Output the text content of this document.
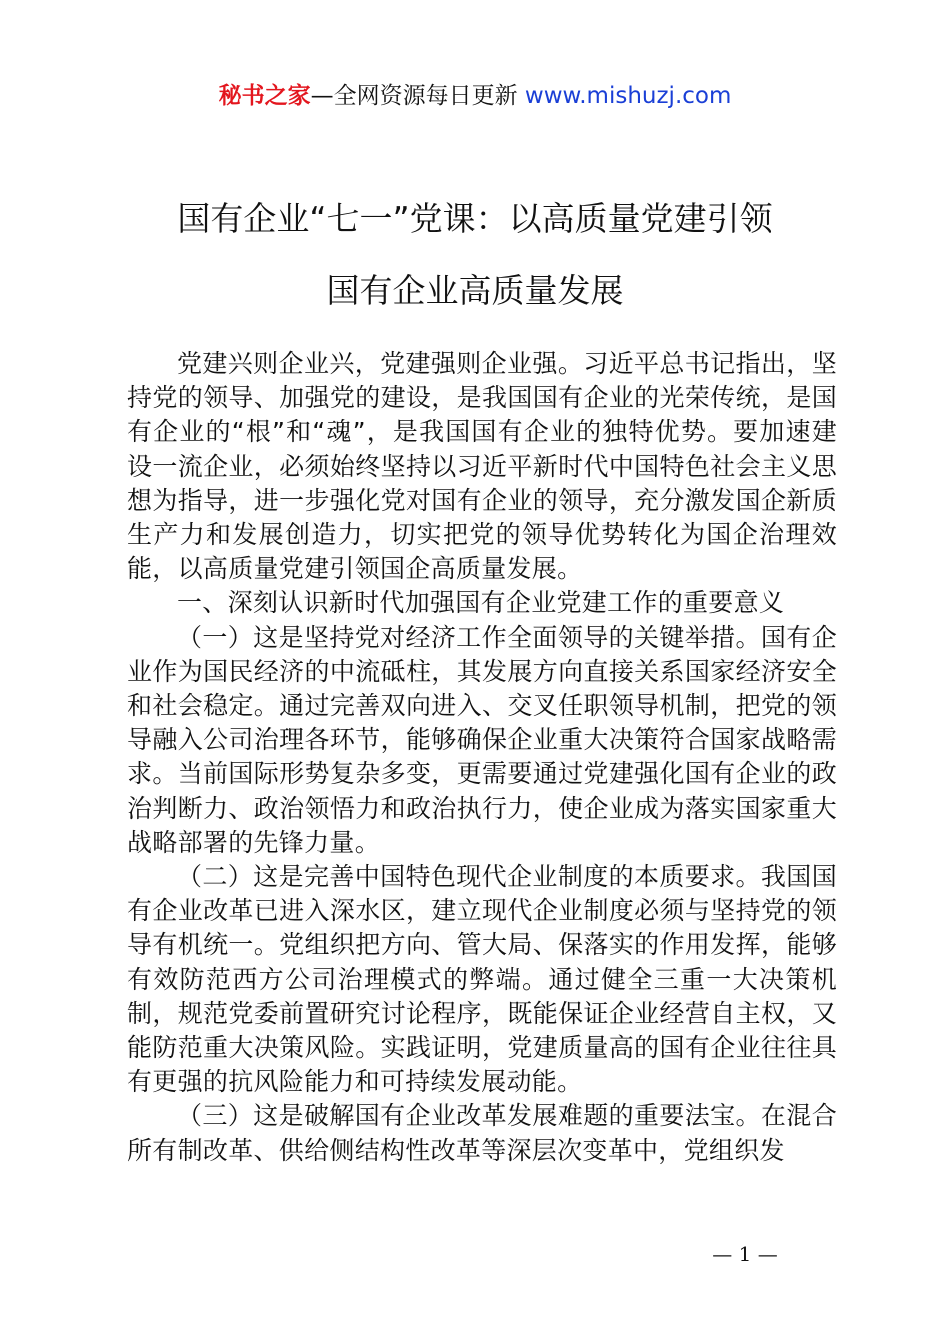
秘书之家—全网资源每日更新 www.mishuzj.com
国有企业“七一”党课：以高质量党建引领
国有企业高质量发展

党建兴则企业兴，党建强则企业强。习近平总书记指出，坚持党的领导、加强党的建设，是我国国有企业的光荣传统，是国有企业的“根”和“魂”，是我国国有企业的独特优势。要加速建设一流企业，必须始终坚持以习近平新时代中国特色社会主义思想为指导，进一步强化党对国有企业的领导，充分激发国企新质生产力和发展创造力，切实把党的领导优势转化为国企治理效能，以高质量党建引领国企高质量发展。

一、深刻认识新时代加强国有企业党建工作的重要意义

（一）这是坚持党对经济工作全面领导的关键举措。国有企业作为国民经济的中流砥柱，其发展方向直接关系国家经济安全和社会稳定。通过完善双向进入、交叉任职领导机制，把党的领导融入公司治理各环节，能够确保企业重大决策符合国家战略需求。当前国际形势复杂多变，更需要通过党建强化国有企业的政治判断力、政治领悟力和政治执行力，使企业成为落实国家重大战略部署的先锋力量。

（二）这是完善中国特色现代企业制度的本质要求。我国国有企业改革已进入深水区，建立现代企业制度必须与坚持党的领导有机统一。党组织把方向、管大局、保落实的作用发挥，能够有效防范西方公司治理模式的弊端。通过健全三重一大决策机制，规范党委前置研究讨论程序，既能保证企业经营自主权，又能防范重大决策风险。实践证明，党建质量高的国有企业往往具有更强的抗风险能力和可持续发展动能。

（三）这是破解国有企业改革发展难题的重要法宝。在混合所有制改革、供给侧结构性改革等深层次变革中，党组织发

— 1 —
